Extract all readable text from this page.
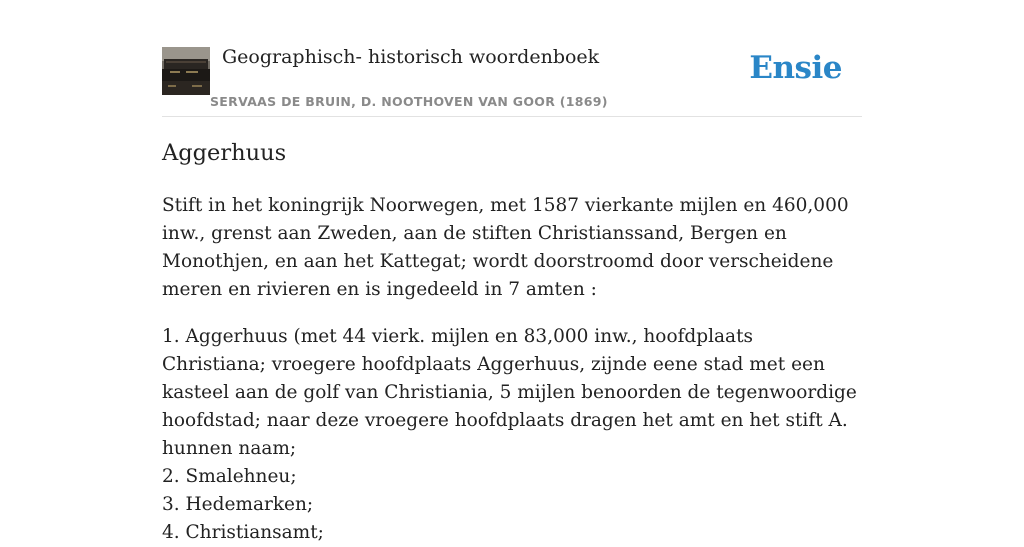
Geographisch- historisch woordenboek
SERVAAS DE BRUIN, D. NOOTHOVEN VAN GOOR (1869)
Ensie
Aggerhuus

Stift in het koningrijk Noorwegen, met 1587 vierkante mijlen en 460,000 inw., grenst aan Zweden, aan de stiften Christianssand, Bergen en Monothjen, en aan het Kattegat; wordt doorstroomd door verscheidene meren en rivieren en is ingedeeld in 7 amten :

1. Aggerhuus (met 44 vierk. mijlen en 83,000 inw., hoofdplaats Christiana; vroegere hoofdplaats Aggerhuus, zijnde eene stad met een kasteel aan de golf van Christiania, 5 mijlen benoorden de tegenwoordige hoofdstad; naar deze vroegere hoofdplaats dragen het amt en het stift A. hunnen naam;
2. Smalehneu;
3. Hedemarken;
4. Christiansamt;
